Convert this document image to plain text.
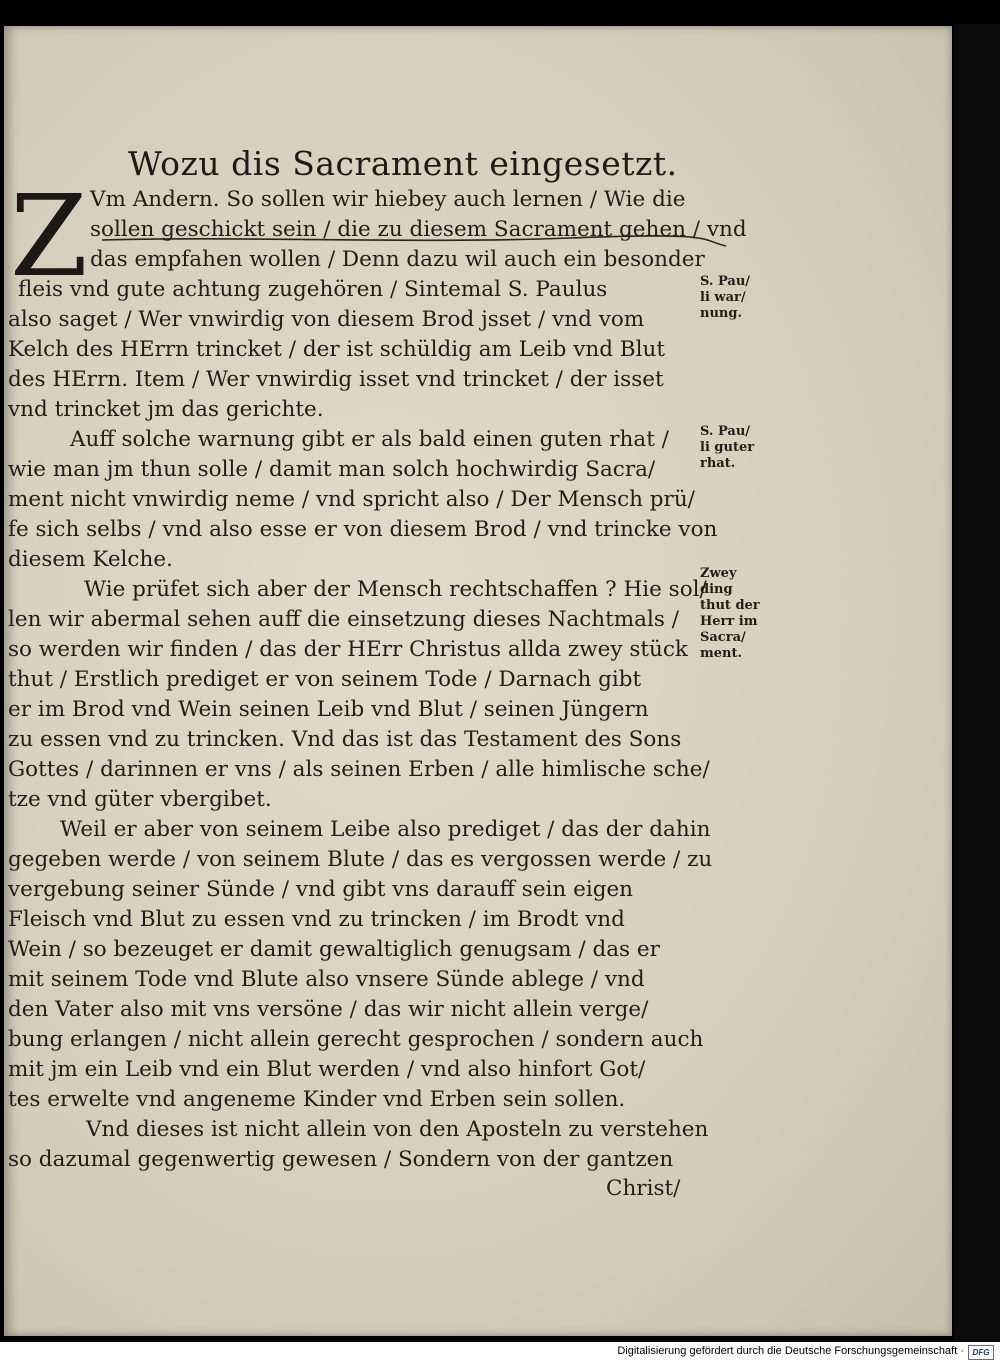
Wozu dis Sacrament eingesetzt.
Z Vm Andern. So sollen wir hiebey auch lernen / Wie die
sollen geschickt sein / die zu diesem Sacrament gehen / vnd
das empfahen wollen / Denn dazu wil auch ein besonder
fleis vnd gute achtung zugehören / Sintemal S. Paulus
also saget / Wer vnwirdig von diesem Brod jsset / vnd vom
Kelch des HErrn trincket / der ist schüldig am Leib vnd Blut
des HErrn. Item / Wer vnwirdig isset vnd trincket / der isset
vnd trincket jm das gerichte.
Auff solche warnung gibt er als bald einen guten rhat /
wie man jm thun solle / damit man solch hochwirdig Sacra/
ment nicht vnwirdig neme / vnd spricht also / Der Mensch prü/
fe sich selbs / vnd also esse er von diesem Brod / vnd trincke von
diesem Kelche.
Wie prüfet sich aber der Mensch rechtschaffen ? Hie sol/
len wir abermal sehen auff die einsetzung dieses Nachtmals /
so werden wir finden / das der HErr Christus allda zwey stück
thut / Erstlich prediget er von seinem Tode / Darnach gibt
er im Brod vnd Wein seinen Leib vnd Blut / seinen Jüngern
zu essen vnd zu trincken. Vnd das ist das Testament des Sons
Gottes / darinnen er vns / als seinen Erben / alle himlische sche/
tze vnd güter vbergibet.
Weil er aber von seinem Leibe also prediget / das der dahin
gegeben werde / von seinem Blute / das es vergossen werde / zu
vergebung seiner Sünde / vnd gibt vns darauff sein eigen
Fleisch vnd Blut zu essen vnd zu trincken / im Brodt vnd
Wein / so bezeuget er damit gewaltiglich genugsam / das er
mit seinem Tode vnd Blute also vnsere Sünde ablege / vnd
den Vater also mit vns versöne / das wir nicht allein verge/
bung erlangen / nicht allein gerecht gesprochen / sondern auch
mit jm ein Leib vnd ein Blut werden / vnd also hinfort Got/
tes erwelte vnd angeneme Kinder vnd Erben sein sollen.
Vnd dieses ist nicht allein von den Aposteln zu verstehen
so dazumal gegenwertig gewesen / Sondern von der gantzen
Christ/
S. Pau/
li war/
nung.
S. Pau/
li guter
rhat.
Zwey
ding
thut der
Herr im
Sacra/
ment.
Digitalisierung gefördert durch die Deutsche Forschungsgemeinschaft ·	DFG
